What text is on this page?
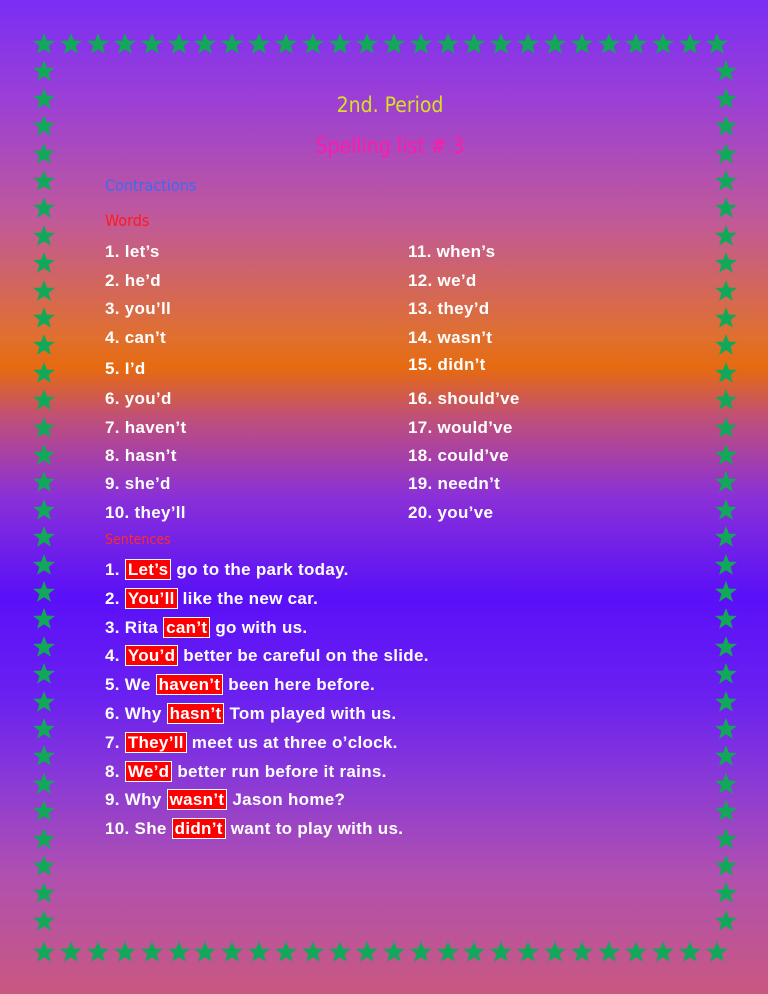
2nd. Period
Spelling list # 3
Contractions
Words
1. let’s
2. he’d
3. you’ll
4. can’t
5. I’d
6. you’d
7. haven’t
8. hasn’t
9. she’d
10. they’ll
11. when’s
12. we’d
13. they’d
14. wasn’t
15. didn’t
16. should’ve
17. would’ve
18. could’ve
19. needn’t
20. you’ve
Sentences
1. Let’s go to the park today.
2. You’ll like the new car.
3. Rita can’t go with us.
4. You’d better be careful on the slide.
5. We haven’t been here before.
6. Why hasn’t Tom played with us.
7. They’ll meet us at three o’clock.
8. We’d better run before it rains.
9. Why wasn’t Jason home?
10. She didn’t want to play with us.
